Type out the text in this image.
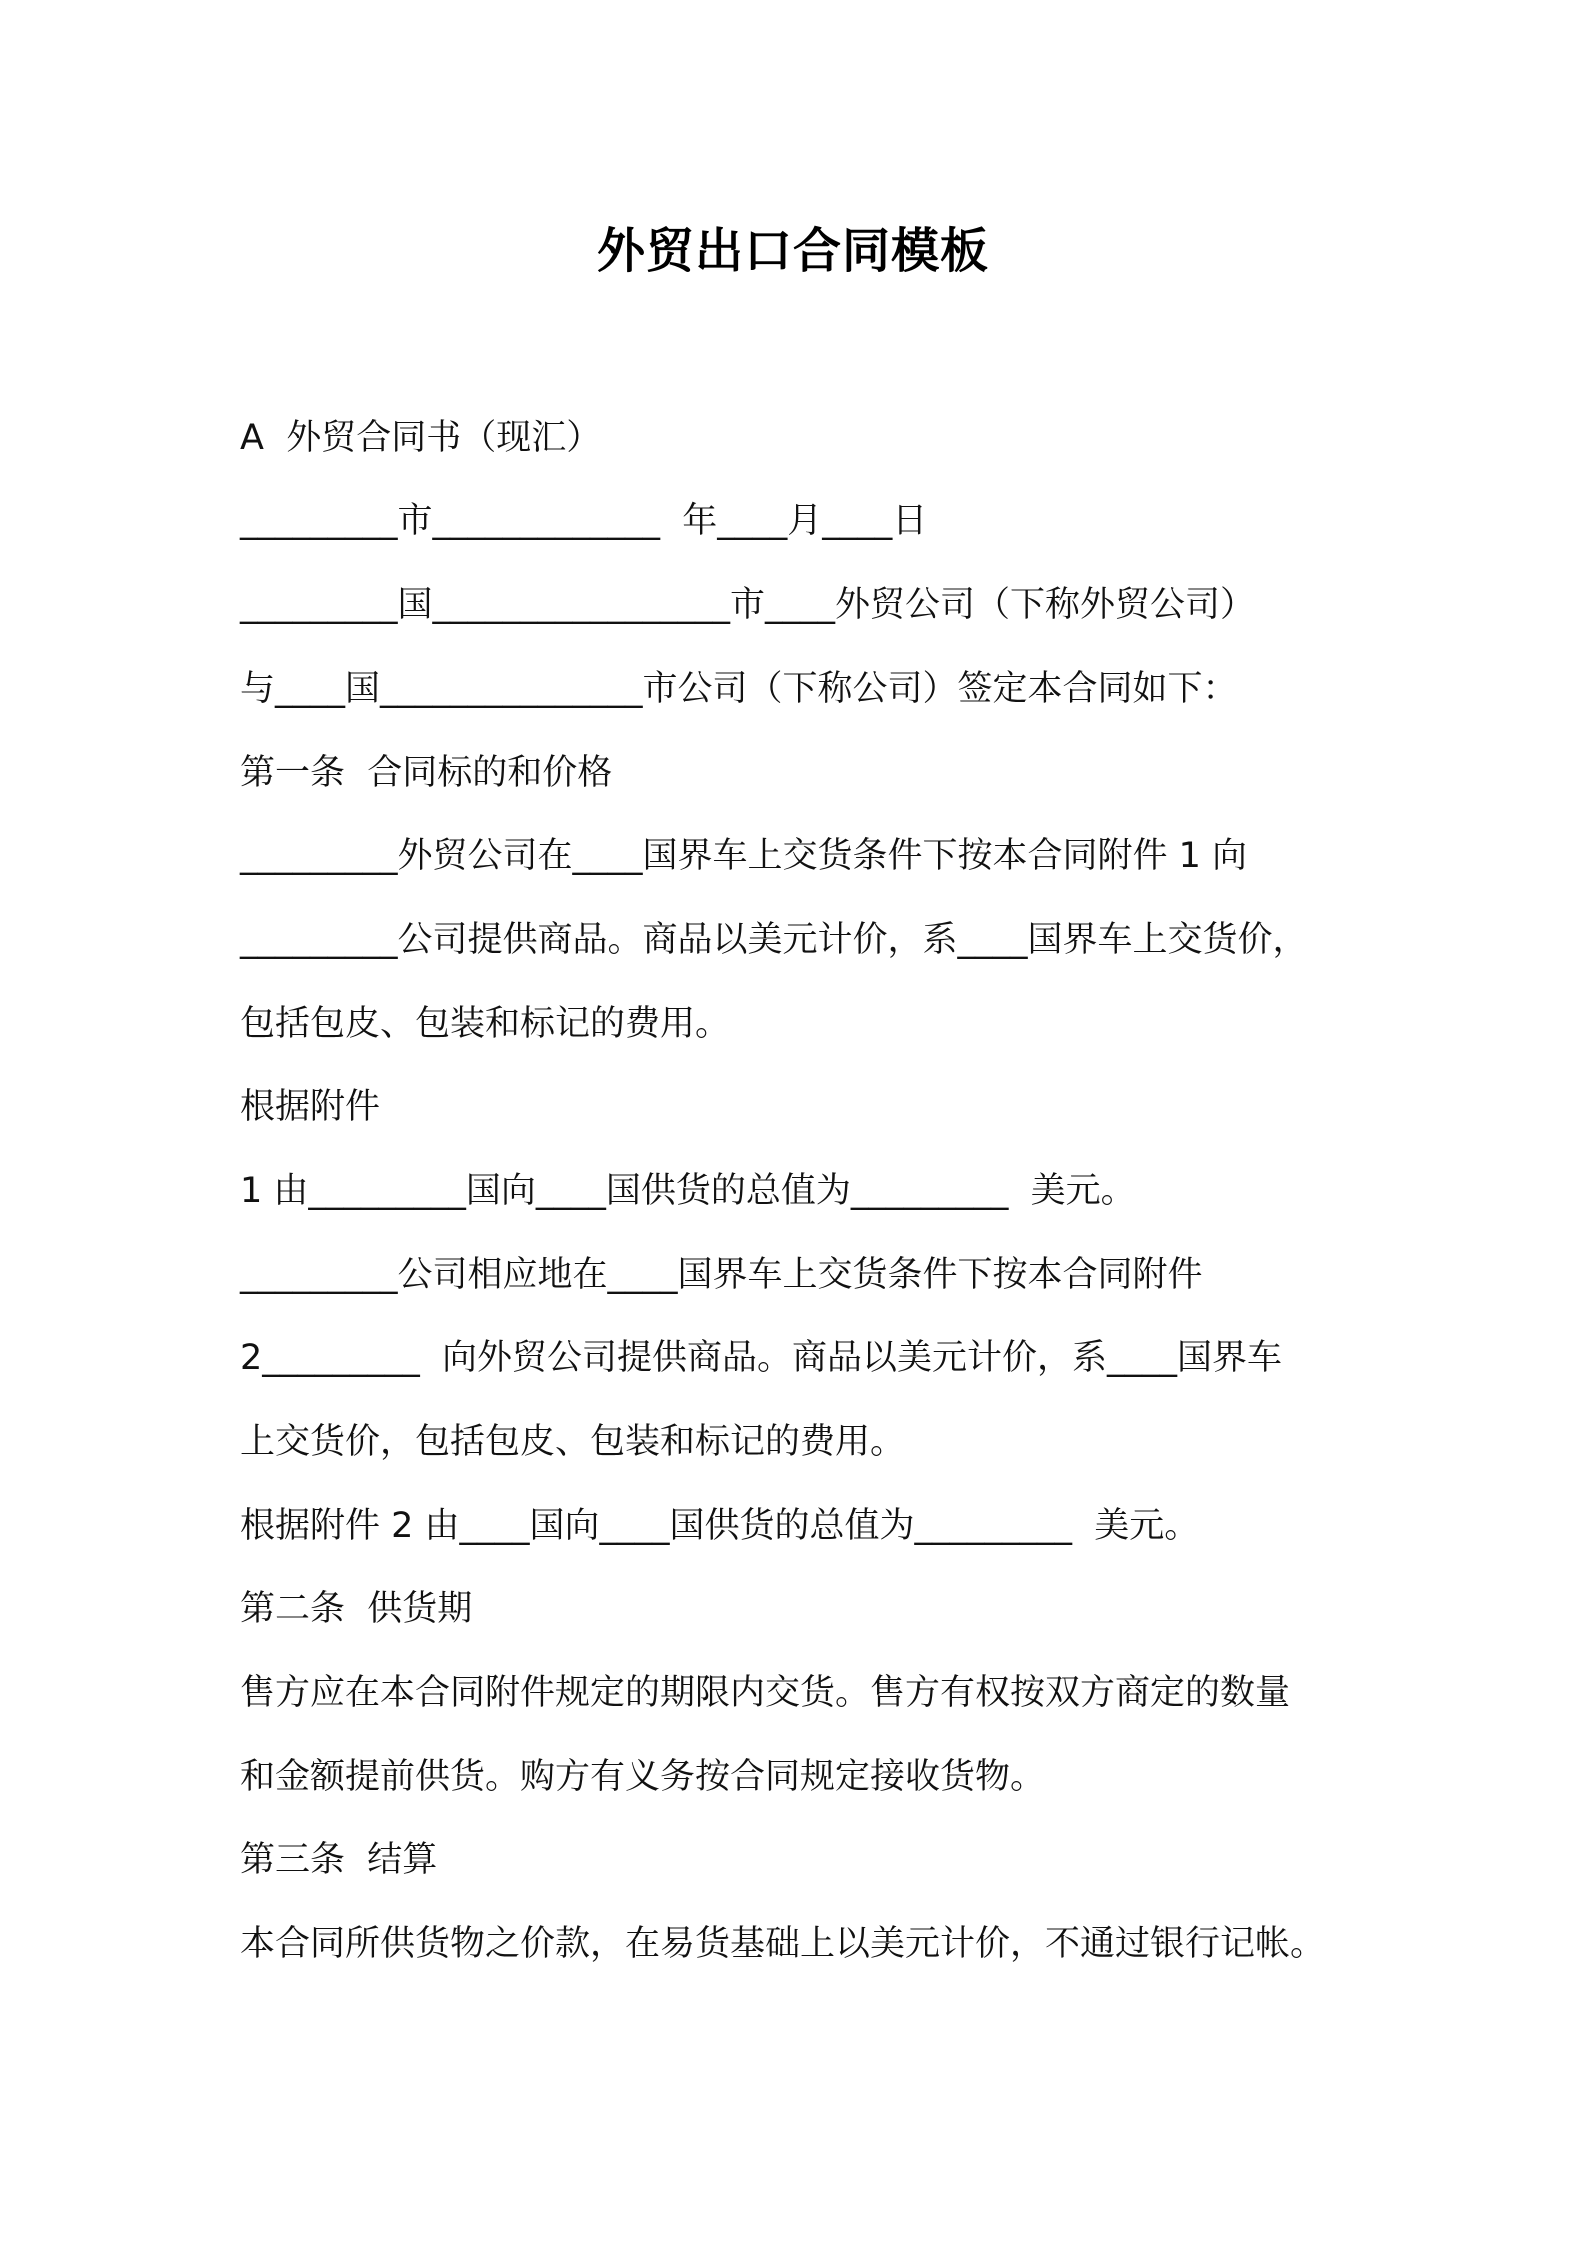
外贸出口合同模板
A  外贸合同书（现汇）
_________市_____________  年____月____日
_________国_________________市____外贸公司（下称外贸公司）
与____国_______________市公司（下称公司）签定本合同如下：
第一条  合同标的和价格
_________外贸公司在____国界车上交货条件下按本合同附件 1 向
_________公司提供商品。商品以美元计价，系____国界车上交货价，
包括包皮、包装和标记的费用。
根据附件
1 由_________国向____国供货的总值为_________  美元。
_________公司相应地在____国界车上交货条件下按本合同附件
2_________  向外贸公司提供商品。商品以美元计价，系____国界车
上交货价，包括包皮、包装和标记的费用。
根据附件 2 由____国向____国供货的总值为_________  美元。
第二条  供货期
售方应在本合同附件规定的期限内交货。售方有权按双方商定的数量
和金额提前供货。购方有义务按合同规定接收货物。
第三条  结算
本合同所供货物之价款，在易货基础上以美元计价，不通过银行记帐。
